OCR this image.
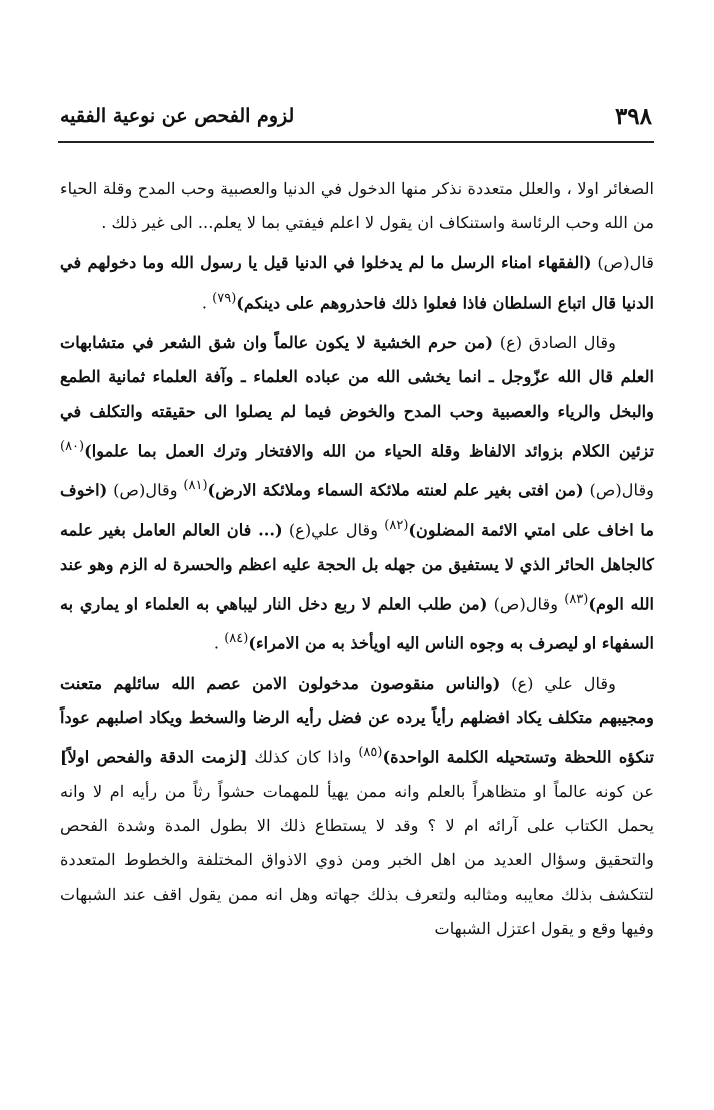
٣٩٨
لزوم الفحص عن نوعية الفقيه

الصغائر اولا ، والعلل متعددة نذكر منها الدخول في الدنيا والعصبية وحب المدح وقلة الحياء من الله وحب الرئاسة واستنكاف ان يقول لا اعلم فيفتي بما لا يعلم... الى غير ذلك .

قال(ص) (الفقهاء امناء الرسل ما لم يدخلوا في الدنيا قيل يا رسول الله وما دخولهم في الدنيا قال اتباع السلطان فاذا فعلوا ذلك فاحذروهم على دينكم)$^{(٧٩)}$ .

وقال الصادق (ع) (من حرم الخشية لا يكون عالماً وان شق الشعر في متشابهات العلم قال الله عزّوجل ـ انما يخشى الله من عباده العلماء ـ وآفة العلماء ثمانية الطمع والبخل والرياء والعصبية وحب المدح والخوض فيما لم يصلوا الى حقيقته والتكلف في تزئين الكلام بزوائد الالفاظ وقلة الحياء من الله والافتخار وترك العمل بما علموا)$^{(٨٠)}$ وقال(ص) (من افتى بغير علم لعنته ملائكة السماء وملائكة الارض)$^{(٨١)}$ وقال(ص) (اخوف ما اخاف على امتي الائمة المضلون)$^{(٨٢)}$ وقال علي(ع) (... فان العالم العامل بغير علمه كالجاهل الحائر الذي لا يستفيق من جهله بل الحجة عليه اعظم والحسرة له الزم وهو عند الله الوم)$^{(٨٣)}$ وقال(ص) (من طلب العلم لا ربع دخل النار ليباهي به العلماء او يماري به السفهاء او ليصرف به وجوه الناس اليه اويأخذ به من الامراء)$^{(٨٤)}$ .

وقال علي (ع) (والناس منقوصون مدخولون الامن عصم الله سائلهم متعنت ومجيبهم متكلف يكاد افضلهم رأياً يرده عن فضل رأيه الرضا والسخط ويكاد اصلبهم عوداً تنكؤه اللحظة وتستحيله الكلمة الواحدة)$^{(٨٥)}$ واذا كان كذلك [لزمت الدقة والفحص اولاً] عن كونه عالماً او متظاهراً بالعلم وانه ممن يهيأ للمهمات حشواً رثاً من رأيه ام لا وانه يحمل الكتاب على آرائه ام لا ؟ وقد لا يستطاع ذلك الا بطول المدة وشدة الفحص والتحقيق وسؤال العديد من اهل الخبر ومن ذوي الاذواق المختلفة والخطوط المتعددة لتتكشف بذلك معايبه ومثالبه ولتعرف بذلك جهاته وهل انه ممن يقول اقف عند الشبهات وفيها وقع و يقول اعتزل الشبهات
